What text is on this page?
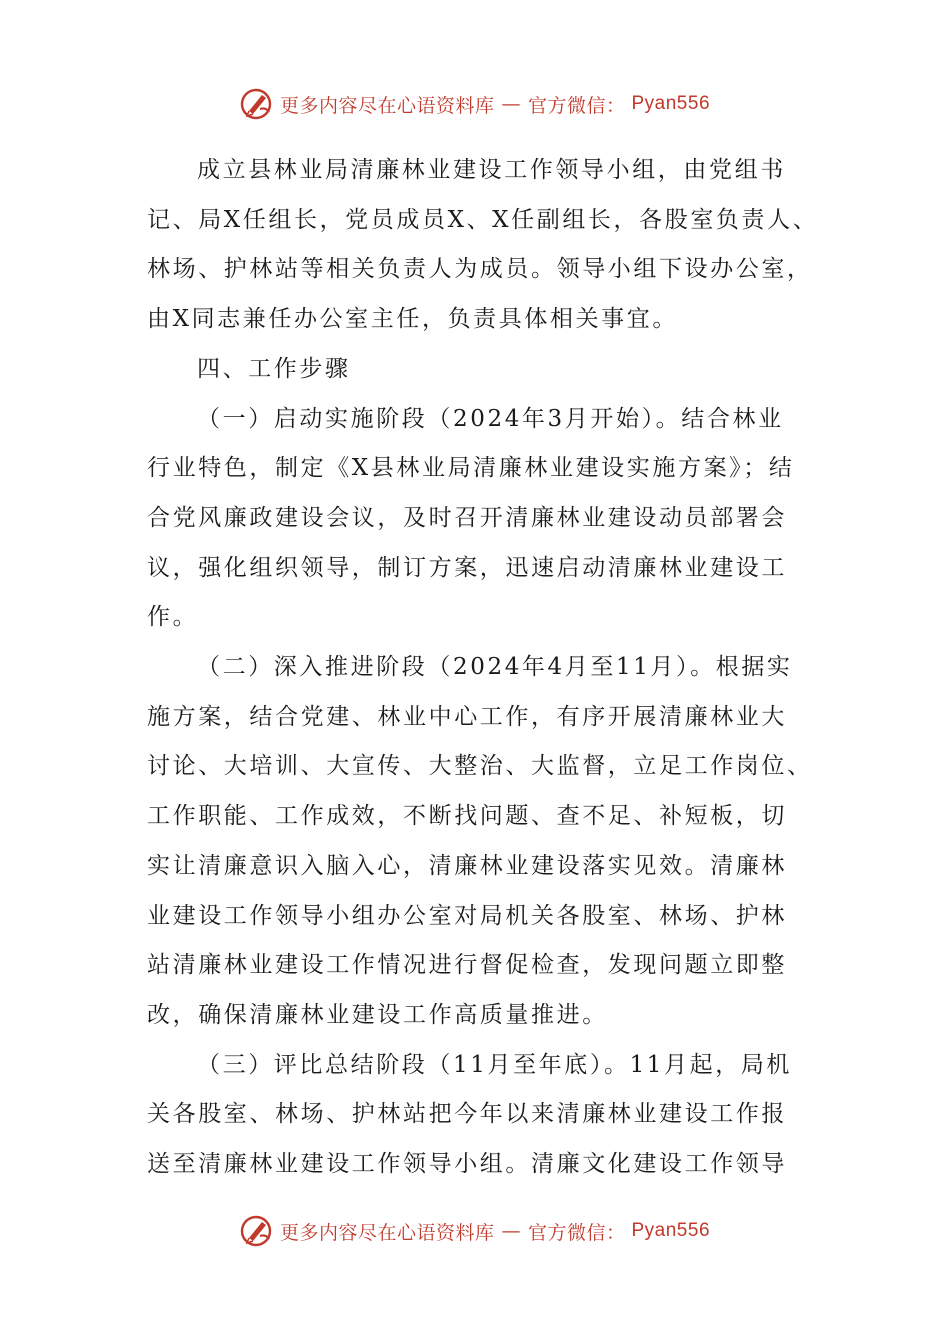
更多内容尽在心语资料库 — 官方微信： Pyan556
成立县林业局清廉林业建设工作领导小组，由党组书
记、局X任组长，党员成员X、X任副组长，各股室负责人、
林场、护林站等相关负责人为成员。领导小组下设办公室，
由X同志兼任办公室主任，负责具体相关事宜。
四、工作步骤
（一）启动实施阶段（2024年3月开始）。结合林业
行业特色，制定《X县林业局清廉林业建设实施方案》；结
合党风廉政建设会议，及时召开清廉林业建设动员部署会
议，强化组织领导，制订方案，迅速启动清廉林业建设工
作。
（二）深入推进阶段（2024年4月至11月）。根据实
施方案，结合党建、林业中心工作，有序开展清廉林业大
讨论、大培训、大宣传、大整治、大监督，立足工作岗位、
工作职能、工作成效，不断找问题、查不足、补短板，切
实让清廉意识入脑入心，清廉林业建设落实见效。清廉林
业建设工作领导小组办公室对局机关各股室、林场、护林
站清廉林业建设工作情况进行督促检查，发现问题立即整
改，确保清廉林业建设工作高质量推进。
（三）评比总结阶段（11月至年底）。11月起，局机
关各股室、林场、护林站把今年以来清廉林业建设工作报
送至清廉林业建设工作领导小组。清廉文化建设工作领导
更多内容尽在心语资料库 — 官方微信： Pyan556
